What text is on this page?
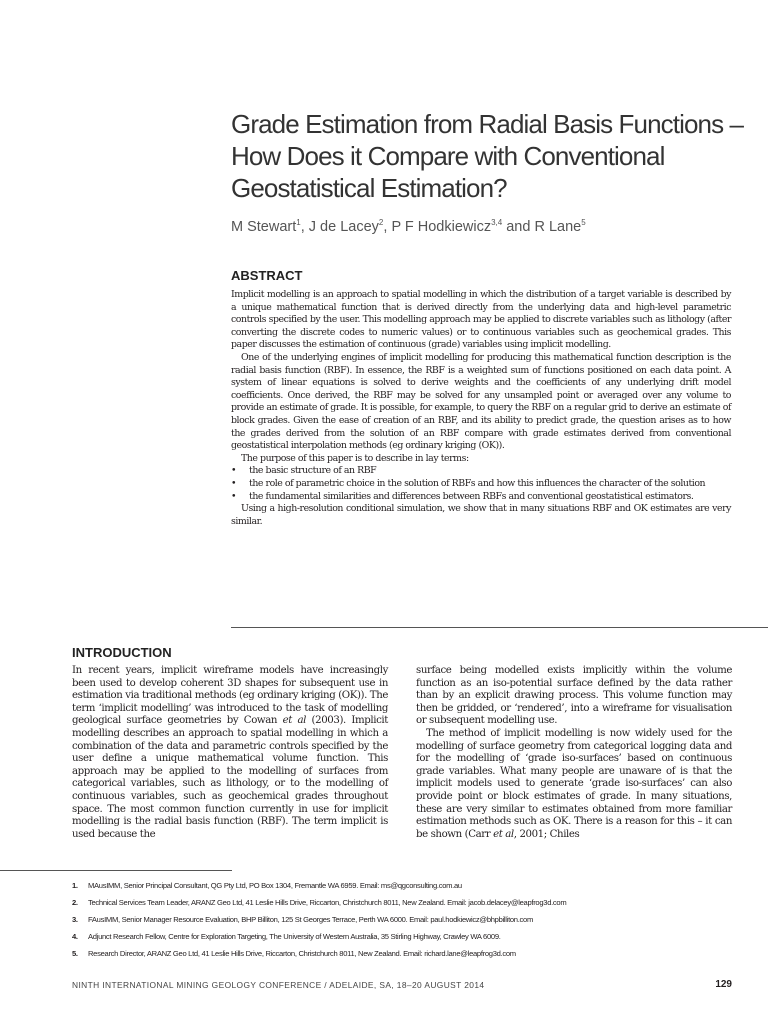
Grade Estimation from Radial Basis Functions – How Does it Compare with Conventional Geostatistical Estimation?
M Stewart$^1$, J de Lacey$^2$, P F Hodkiewicz$^{3,4}$ and R Lane$^5$
ABSTRACT

Implicit modelling is an approach to spatial modelling in which the distribution of a target variable is described by a unique mathematical function that is derived directly from the underlying data and high-level parametric controls specified by the user. This modelling approach may be applied to discrete variables such as lithology (after converting the discrete codes to numeric values) or to continuous variables such as geochemical grades. This paper discusses the estimation of continuous (grade) variables using implicit modelling.

One of the underlying engines of implicit modelling for producing this mathematical function description is the radial basis function (RBF). In essence, the RBF is a weighted sum of functions positioned on each data point. A system of linear equations is solved to derive weights and the coefficients of any underlying drift model coefficients. Once derived, the RBF may be solved for any unsampled point or averaged over any volume to provide an estimate of grade. It is possible, for example, to query the RBF on a regular grid to derive an estimate of block grades. Given the ease of creation of an RBF, and its ability to predict grade, the question arises as to how the grades derived from the solution of an RBF compare with grade estimates derived from conventional geostatistical interpolation methods (eg ordinary kriging (OK)).

The purpose of this paper is to describe in lay terms:

• the basic structure of an RBF
• the role of parametric choice in the solution of RBFs and how this influences the character of the solution
• the fundamental similarities and differences between RBFs and conventional geostatistical estimators.

Using a high-resolution conditional simulation, we show that in many situations RBF and OK estimates are very similar.

INTRODUCTION

In recent years, implicit wireframe models have increasingly been used to develop coherent 3D shapes for subsequent use in estimation via traditional methods (eg ordinary kriging (OK)). The term ‘implicit modelling’ was introduced to the task of modelling geological surface geometries by Cowan et al (2003). Implicit modelling describes an approach to spatial modelling in which a combination of the data and parametric controls specified by the user define a unique mathematical volume function. This approach may be applied to the modelling of surfaces from categorical variables, such as lithology, or to the modelling of continuous variables, such as geochemical grades throughout space. The most common function currently in use for implicit modelling is the radial basis function (RBF). The term implicit is used because the

surface being modelled exists implicitly within the volume function as an iso-potential surface defined by the data rather than by an explicit drawing process. This volume function may then be gridded, or ‘rendered’, into a wireframe for visualisation or subsequent modelling use.

The method of implicit modelling is now widely used for the modelling of surface geometry from categorical logging data and for the modelling of ‘grade iso-surfaces’ based on continuous grade variables. What many people are unaware of is that the implicit models used to generate ‘grade iso-surfaces’ can also provide point or block estimates of grade. In many situations, these are very similar to estimates obtained from more familiar estimation methods such as OK. There is a reason for this – it can be shown (Carr et al, 2001; Chiles

1. MAusIMM, Senior Principal Consultant, QG Pty Ltd, PO Box 1304, Fremantle WA 6959. Email: ms@qgconsulting.com.au
2. Technical Services Team Leader, ARANZ Geo Ltd, 41 Leslie Hills Drive, Riccarton, Christchurch 8011, New Zealand. Email: jacob.delacey@leapfrog3d.com
3. FAusIMM, Senior Manager Resource Evaluation, BHP Billiton, 125 St Georges Terrace, Perth WA 6000. Email: paul.hodkiewicz@bhpbilliton.com
4. Adjunct Research Fellow, Centre for Exploration Targeting, The University of Western Australia, 35 Stirling Highway, Crawley WA 6009.
5. Research Director, ARANZ Geo Ltd, 41 Leslie Hills Drive, Riccarton, Christchurch 8011, New Zealand. Email: richard.lane@leapfrog3d.com
NINTH INTERNATIONAL MINING GEOLOGY CONFERENCE / ADELAIDE, SA, 18–20 AUGUST 2014	129
